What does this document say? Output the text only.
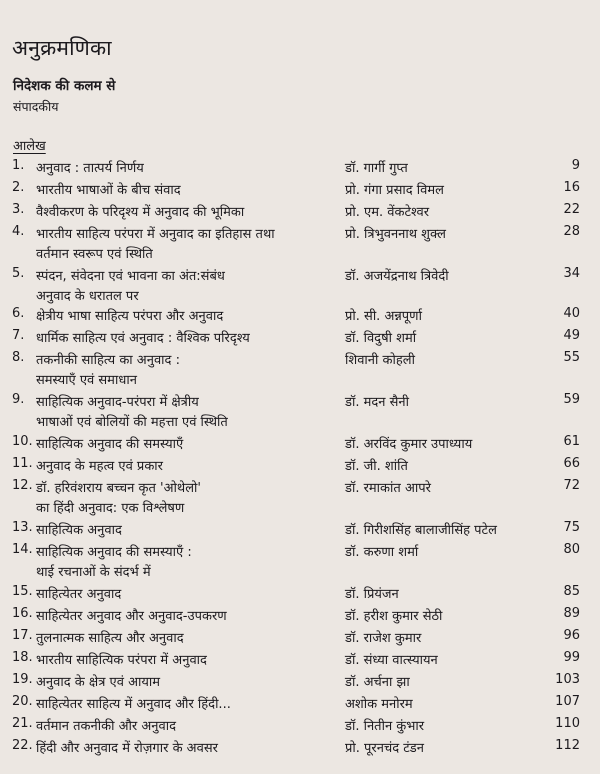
अनुक्रमणिका
निदेशक की कलम से
संपादकीय
आलेख
1. अनुवाद : तात्पर्य निर्णय	डॉ. गार्गी गुप्त	9
2. भारतीय भाषाओं के बीच संवाद	प्रो. गंगा प्रसाद विमल	16
3. वैश्वीकरण के परिदृश्य में अनुवाद की भूमिका	प्रो. एम. वेंकटेश्वर	22
4. भारतीय साहित्य परंपरा में अनुवाद का इतिहास तथा
वर्तमान स्वरूप एवं स्थिति
प्रो. त्रिभुवननाथ शुक्ल	28
5. स्पंदन, संवेदना एवं भावना का अंत:संबंध
अनुवाद के धरातल पर
डॉ. अजयेंद्रनाथ त्रिवेदी	34
6. क्षेत्रीय भाषा साहित्य परंपरा और अनुवाद	प्रो. सी. अन्नपूर्णा	40
7. धार्मिक साहित्य एवं अनुवाद : वैश्विक परिदृश्य	डॉ. विदुषी शर्मा	49
8. तकनीकी साहित्य का अनुवाद :
समस्याएँ एवं समाधान
शिवानी कोहली	55
9. साहित्यिक अनुवाद-परंपरा में क्षेत्रीय
भाषाओं एवं बोलियों की महत्ता एवं स्थिति
डॉ. मदन सैनी	59
10. साहित्यिक अनुवाद की समस्याएँ	डॉ. अरविंद कुमार उपाध्याय	61
11. अनुवाद के महत्व एवं प्रकार	डॉ. जी. शांति	66
12. डॉ. हरिवंशराय बच्चन कृत 'ओथेलो'
का हिंदी अनुवाद: एक विश्लेषण
डॉ. रमाकांत आपरे	72
13. साहित्यिक अनुवाद	डॉ. गिरीशसिंह बालाजीसिंह पटेल	75
14. साहित्यिक अनुवाद की समस्याएँ :
थाई रचनाओं के संदर्भ में
डॉ. करुणा शर्मा	80
15. साहित्येतर अनुवाद	डॉ. प्रियंजन	85
16. साहित्येतर अनुवाद और अनुवाद-उपकरण	डॉ. हरीश कुमार सेठी	89
17. तुलनात्मक साहित्य और अनुवाद	डॉ. राजेश कुमार	96
18. भारतीय साहित्यिक परंपरा में अनुवाद	डॉ. संध्या वात्स्यायन	99
19. अनुवाद के क्षेत्र एवं आयाम	डॉ. अर्चना झा	103
20. साहित्येतर साहित्य में अनुवाद और हिंदी...	अशोक मनोरम	107
21. वर्तमान तकनीकी और अनुवाद	डॉ. नितीन कुंभार	110
22. हिंदी और अनुवाद में रोज़गार के अवसर	प्रो. पूरनचंद टंडन	112
